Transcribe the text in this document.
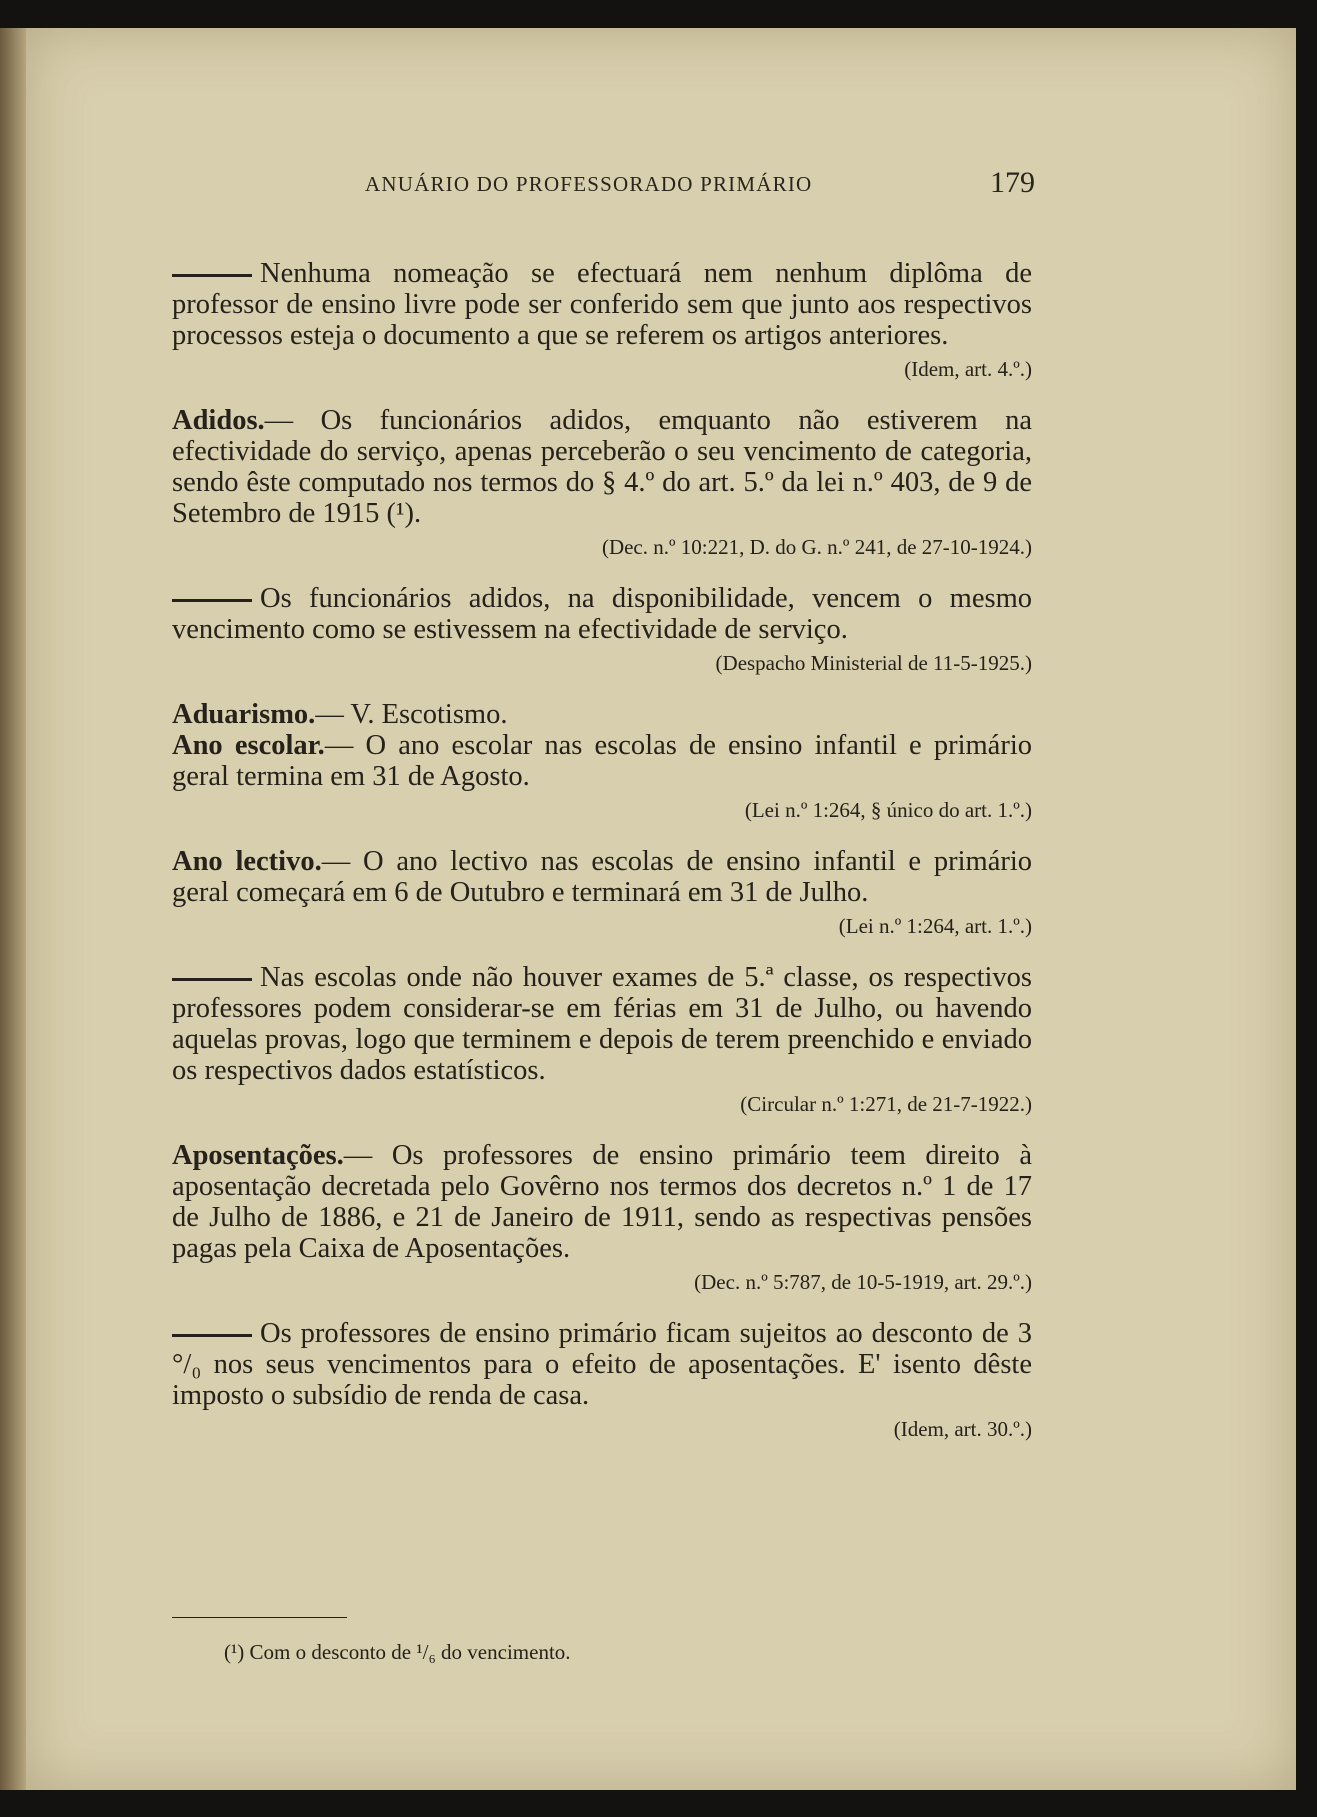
ANUÁRIO DO PROFESSORADO PRIMÁRIO	179

Nenhuma nomeação se efectuará nem nenhum diplôma de professor de ensino livre pode ser conferido sem que junto aos respectivos processos esteja o documento a que se referem os artigos anteriores.

(Idem, art. 4.º.)

Adidos.— Os funcionários adidos, emquanto não estiverem na efectividade do serviço, apenas perceberão o seu vencimento de categoria, sendo êste computado nos termos do § 4.º do art. 5.º da lei n.º 403, de 9 de Setembro de 1915 (¹).

(Dec. n.º 10:221, D. do G. n.º 241, de 27-10-1924.)

Os funcionários adidos, na disponibilidade, vencem o mesmo vencimento como se estivessem na efectividade de serviço.

(Despacho Ministerial de 11-5-1925.)

Aduarismo.— V. Escotismo.

Ano escolar.— O ano escolar nas escolas de ensino infantil e primário geral termina em 31 de Agosto.

(Lei n.º 1:264, § único do art. 1.º.)

Ano lectivo.— O ano lectivo nas escolas de ensino infantil e primário geral começará em 6 de Outubro e terminará em 31 de Julho.

(Lei n.º 1:264, art. 1.º.)

Nas escolas onde não houver exames de 5.ª classe, os respectivos professores podem considerar-se em férias em 31 de Julho, ou havendo aquelas provas, logo que terminem e depois de terem preenchido e enviado os respectivos dados estatísticos.

(Circular n.º 1:271, de 21-7-1922.)

Aposentações.— Os professores de ensino primário teem direito à aposentação decretada pelo Govêrno nos termos dos decretos n.º 1 de 17 de Julho de 1886, e 21 de Janeiro de 1911, sendo as respectivas pensões pagas pela Caixa de Aposentações.

(Dec. n.º 5:787, de 10-5-1919, art. 29.º.)

Os professores de ensino primário ficam sujeitos ao desconto de 3 °/₀ nos seus vencimentos para o efeito de aposentações. E' isento dêste imposto o subsídio de renda de casa.

(Idem, art. 30.º.)

(¹) Com o desconto de ¹/₆ do vencimento.
